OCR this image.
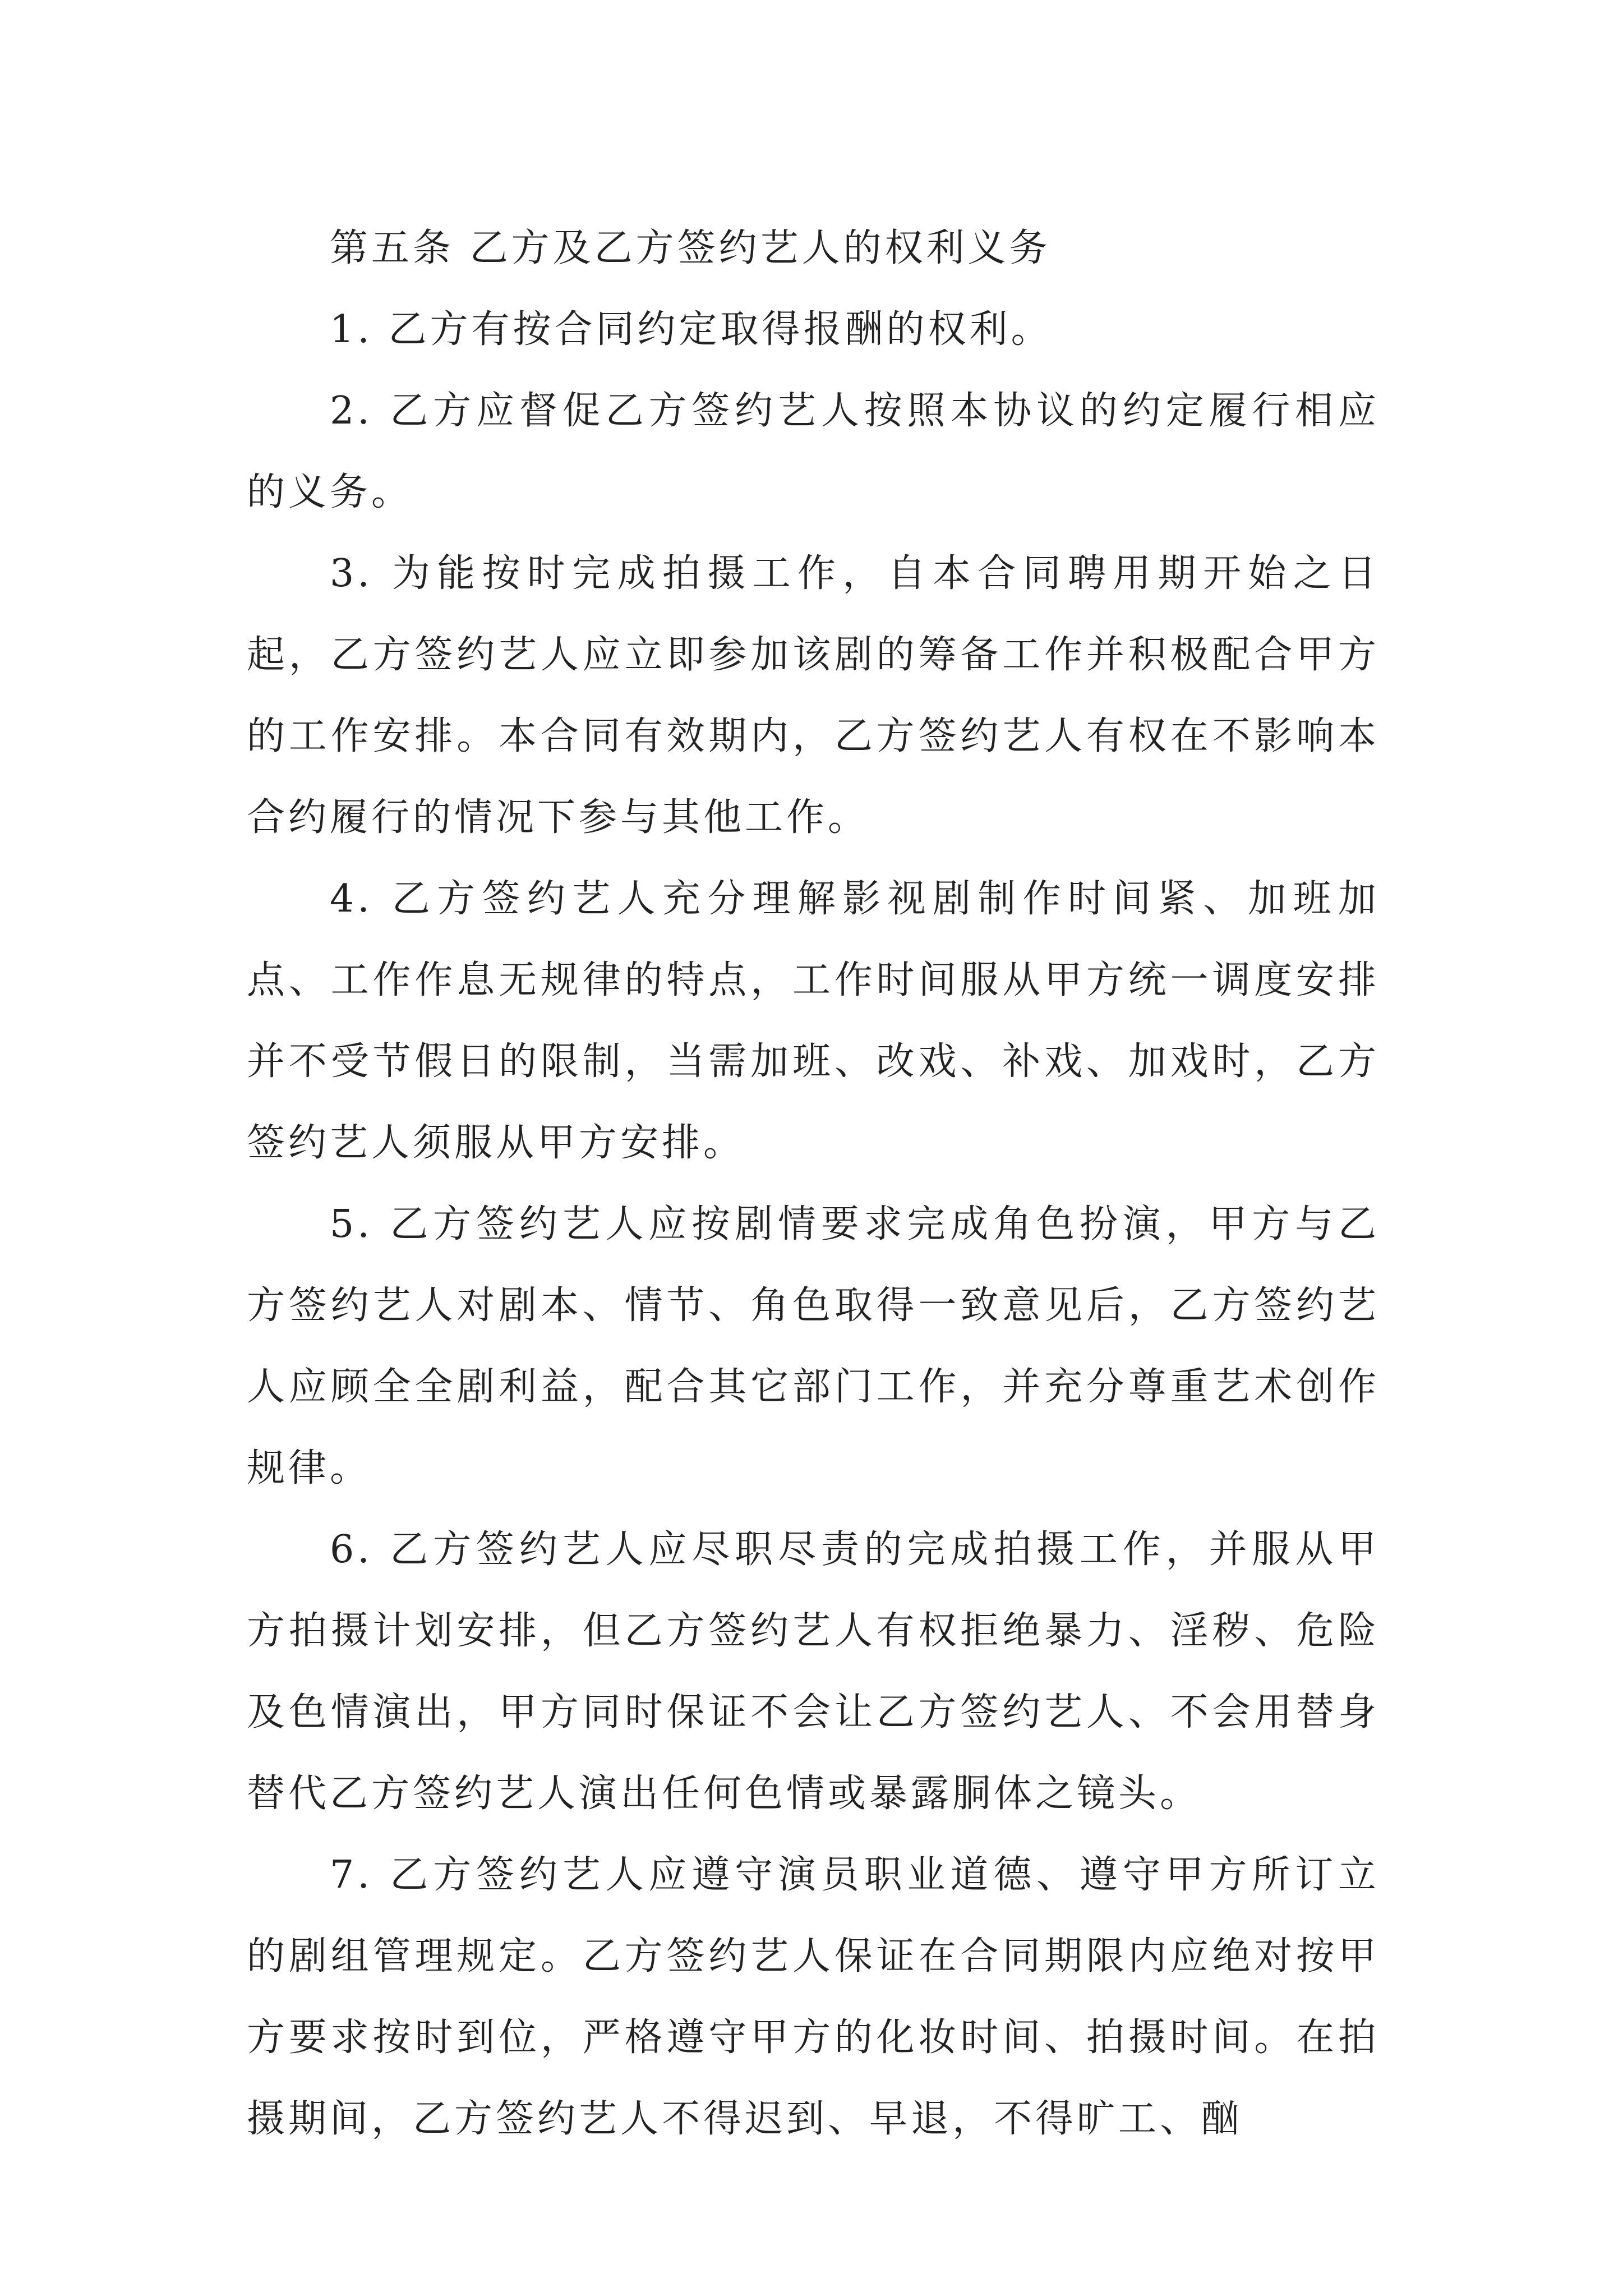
第五条 乙方及乙方签约艺人的权利义务

1. 乙方有按合同约定取得报酬的权利。

2. 乙方应督促乙方签约艺人按照本协议的约定履行相应的义务。

3. 为能按时完成拍摄工作，自本合同聘用期开始之日起，乙方签约艺人应立即参加该剧的筹备工作并积极配合甲方的工作安排。本合同有效期内，乙方签约艺人有权在不影响本合约履行的情况下参与其他工作。

4. 乙方签约艺人充分理解影视剧制作时间紧、加班加点、工作作息无规律的特点，工作时间服从甲方统一调度安排并不受节假日的限制，当需加班、改戏、补戏、加戏时，乙方签约艺人须服从甲方安排。

5. 乙方签约艺人应按剧情要求完成角色扮演，甲方与乙方签约艺人对剧本、情节、角色取得一致意见后，乙方签约艺人应顾全全剧利益，配合其它部门工作，并充分尊重艺术创作规律。

6. 乙方签约艺人应尽职尽责的完成拍摄工作，并服从甲方拍摄计划安排，但乙方签约艺人有权拒绝暴力、淫秽、危险及色情演出，甲方同时保证不会让乙方签约艺人、不会用替身替代乙方签约艺人演出任何色情或暴露胴体之镜头。

7. 乙方签约艺人应遵守演员职业道德、遵守甲方所订立的剧组管理规定。乙方签约艺人保证在合同期限内应绝对按甲方要求按时到位，严格遵守甲方的化妆时间、拍摄时间。在拍摄期间，乙方签约艺人不得迟到、早退，不得旷工、酗
